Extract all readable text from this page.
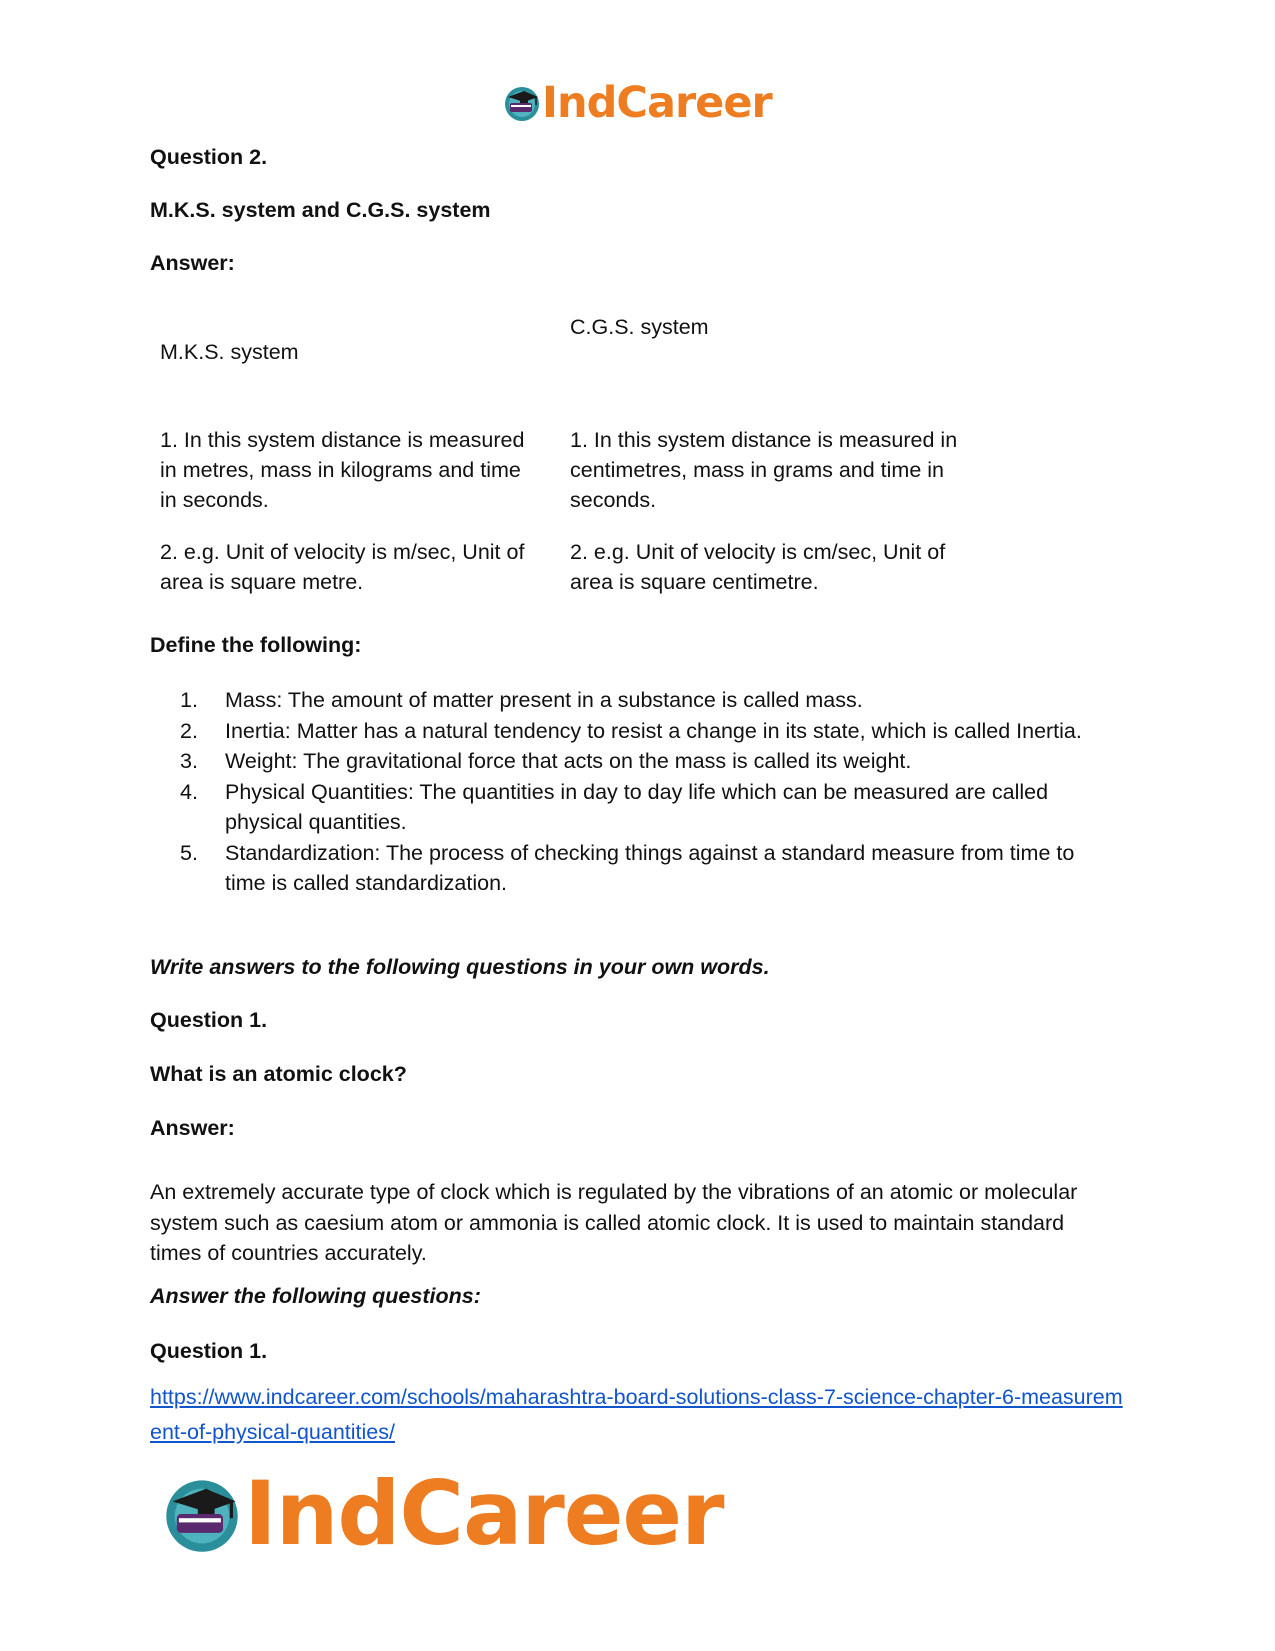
IndCareer
Question 2.
M.K.S. system and C.G.S. system
Answer:
M.K.S. system
C.G.S. system
1. In this system distance is measured in metres, mass in kilograms and time in seconds.
1. In this system distance is measured in centimetres, mass in grams and time in seconds.
2. e.g. Unit of velocity is m/sec, Unit of area is square metre.
2. e.g. Unit of velocity is cm/sec, Unit of area is square centimetre.
Define the following:
1. Mass: The amount of matter present in a substance is called mass.
2. Inertia: Matter has a natural tendency to resist a change in its state, which is called Inertia.
3. Weight: The gravitational force that acts on the mass is called its weight.
4. Physical Quantities: The quantities in day to day life which can be measured are called physical quantities.
5. Standardization: The process of checking things against a standard measure from time to time is called standardization.
Write answers to the following questions in your own words.
Question 1.
What is an atomic clock?
Answer:
An extremely accurate type of clock which is regulated by the vibrations of an atomic or molecular system such as caesium atom or ammonia is called atomic clock. It is used to maintain standard times of countries accurately.
Answer the following questions:
Question 1.
https://www.indcareer.com/schools/maharashtra-board-solutions-class-7-science-chapter-6-measurement-of-physical-quantities/
IndCareer
